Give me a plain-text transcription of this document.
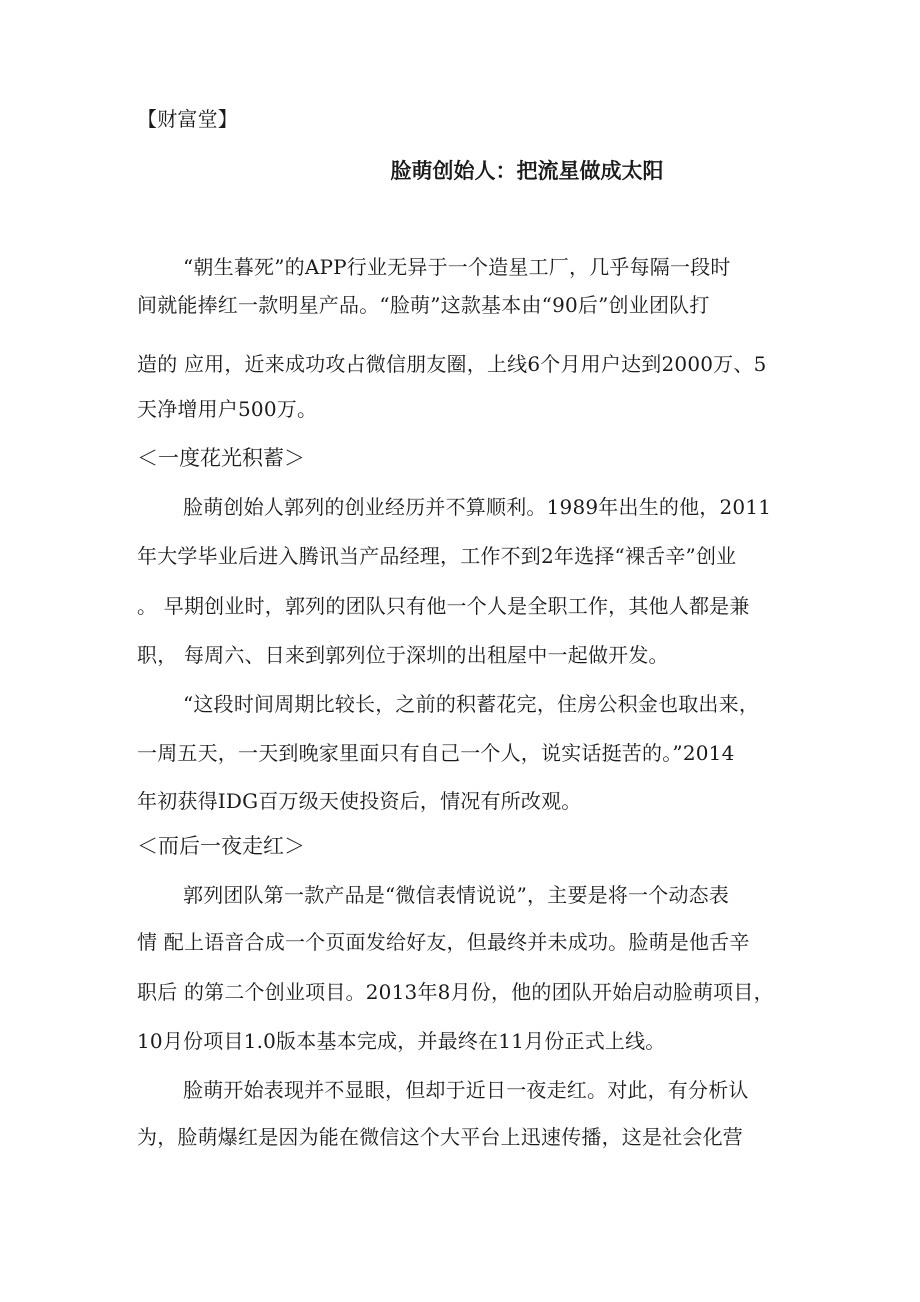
【财富堂】
脸萌创始人：把流星做成太阳
“朝生暮死”的APP行业无异于一个造星工厂，几乎每隔一段时
间就能捧红一款明星产品。“脸萌”这款基本由“90后”创业团队打
造的 应用，近来成功攻占微信朋友圈，上线6个月用户达到2000万、5
天净增用户500万。
＜一度花光积蓄＞
脸萌创始人郭列的创业经历并不算顺利。1989年出生的他，2011
年大学毕业后进入腾讯当产品经理，工作不到2年选择“裸舌辛”创业
。 早期创业时，郭列的团队只有他一个人是全职工作，其他人都是兼
职， 每周六、日来到郭列位于深圳的出租屋中一起做开发。
“这段时间周期比较长，之前的积蓄花完，住房公积金也取出来，
一周五天，一天到晚家里面只有自己一个人，说实话挺苦的。”2014
年初获得IDG百万级天使投资后，情况有所改观。
＜而后一夜走红＞
郭列团队第一款产品是“微信表情说说”，主要是将一个动态表
情 配上语音合成一个页面发给好友，但最终并未成功。脸萌是他舌辛
职后 的第二个创业项目。2013年8月份，他的团队开始启动脸萌项目，
10月份项目1.0版本基本完成，并最终在11月份正式上线。
脸萌开始表现并不显眼，但却于近日一夜走红。对此，有分析认
为，脸萌爆红是因为能在微信这个大平台上迅速传播，这是社会化营
